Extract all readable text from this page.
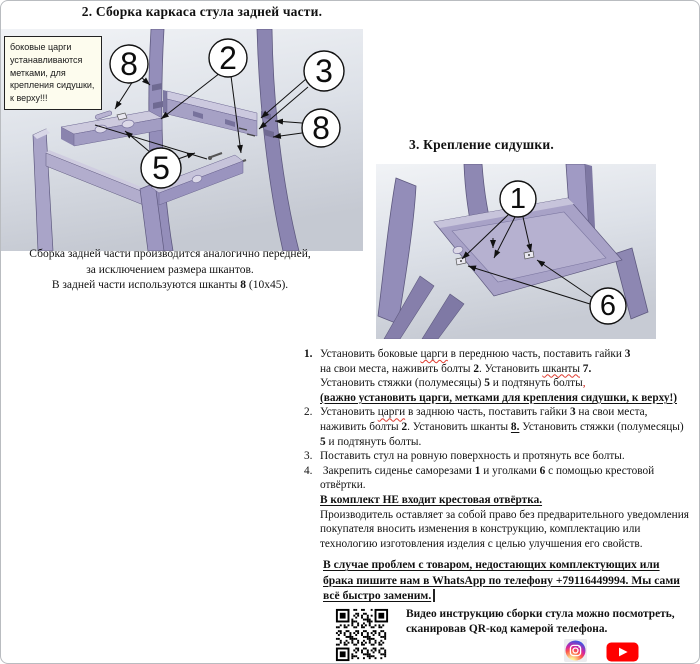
2. Сборка каркаса стула задней части.
8	2 3
8
5
боковые царги устанавливаются метками, для крепления сидушки, к верху!!!
Сборка задней части производится аналогично передней,
за исключением размера шкантов.
В задней части используются шканты 8 (10x45).
3. Крепление сидушки.
1
6
1. Установить боковые царги в переднюю часть, поставить гайки 3
на свои места, наживить болты 2. Установить шканты 7.
Установить стяжки (полумесяцы) 5 и подтянуть болты,
(важно установить царги, метками для крепления сидушки, к верху!)
2. Установить царги в заднюю часть, поставить гайки 3 на свои места,
наживить болты 2. Установить шканты 8. Установить стяжки (полумесяцы)
5 и подтянуть болты.
3. Поставить стул на ровную поверхность и протянуть все болты.
4. Закрепить сиденье саморезами 1 и уголками 6 с помощью крестовой
отвёртки.
В комплект НЕ входит крестовая отвёртка.
Производитель оставляет за собой право без предварительного уведомления
покупателя вносить изменения в конструкцию, комплектацию или
технологию изготовления изделия с целью улучшения его свойств.
В случае проблем с товаром, недостающих комплектующих или
брака пишите нам в WhatsApp по телефону +79116449994. Мы сами
всё быстро заменим.
Видео инструкцию сборки стула можно посмотреть,
сканировав QR-код камерой телефона.
